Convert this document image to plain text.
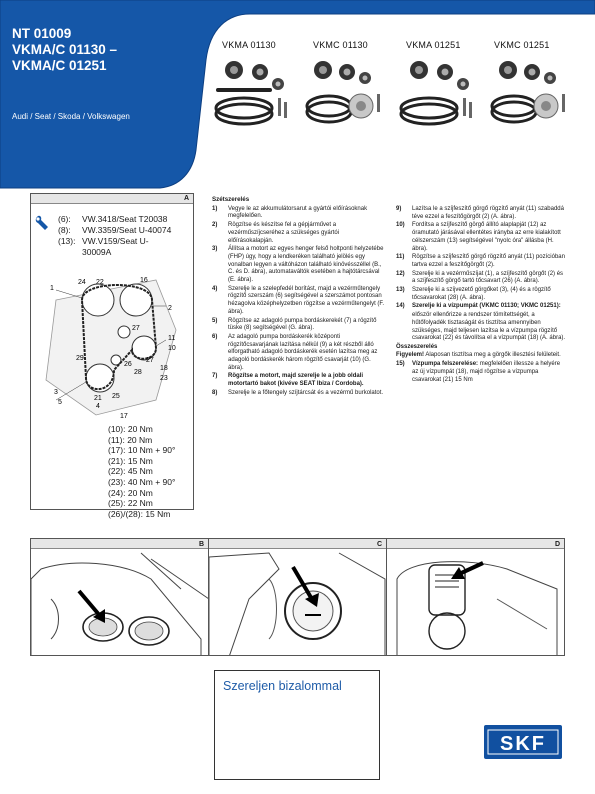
NT 01009
VKMA/C 01130 –
VKMA/C 01251
Audi / Seat / Skoda / Volkswagen
VKMA 01130	VKMC 01130	VKMA 01251	VKMC 01251
A
(6):	VW.3418/Seat T20038
(8):	VW.3359/Seat U-40074
(13): VW.V159/Seat U-
30009A
1
24 22	16
2
11
10
27
26
28
3
5
4
25
21
18
23
17
27
29
(10): 20 Nm
(11): 20 Nm
(17): 10 Nm + 90°
(21): 15 Nm
(22): 45 Nm
(23): 40 Nm + 90°
(24): 20 Nm
(25): 22 Nm
(26)/(28): 15 Nm
Szétszerelés
1)	Vegye le az akkumulátorsarut a gyártói előírásoknak megfelelően.
2)	Rögzítse és készítse fel a gépjárművet a vezérműszíjcseréhez a szükséges gyártói előírásokalapján.
3)	Állítsa a motort az egyes henger felső holtponti helyzetébe (FHP) úgy, hogy a lendkeréken található jelölés egy vonalban legyen a váltóházon található kinövésszéllel (B., C. és D. ábra), automataváltók esetében a hajtótárcsával (E. ábra).
4)	Szerelje le a szelepfedél borítást, majd a vezérműtengely rögzítő szerszám (6) segítségével a szerszámot pontosan hézagolva középhelyzetben rögzítse a vezérműtengelyt (F. ábra).
5)	Rögzítse az adagoló pumpa bordáskerekét (7) a rögzítő tüske (8) segítségével (G. ábra).
6)	Az adagoló pumpa bordáskerék középonti rögzítőcsavarjának lazítása nélkül (9) a két részből álló elforgatható adagoló bordáskerék esetén lazítsa meg az adagoló bordáskerék három rögzítő csavarját (10) (G. ábra).
7)	Rögzítse a motort, majd szerelje le a jobb oldali motortartó bakot (kivéve SEAT Ibiza / Cordoba).
8)	Szerelje le a főtengely szíjtárcsát és a vezérmű burkolatot.
9)	Lazítsa le a szíjfeszítő görgő rögzítő anyát (11) szabaddá téve ezzel a feszítőgörgőt (2) (A. ábra).
10)	Fordítsa a szíjfeszítő görgő állító alaplapját (12) az óramutató járásával ellentétes irányba az erre kialakított célszerszám (13) segítségével "nyolc óra" állásba (H. ábra).
11)	Rögzítse a szíjfeszítő görgő rögzítő anyát (11) pozícióban tartva ezzel a feszítőgörgőt (2).
12)	Szerelje ki a vezérműszíjat (1), a szíjfeszítő görgőt (2) és a szíjfeszítő görgő tartó tőcsavart (26) (A. ábra).
13)	Szerelje ki a szíjvezető görgőket (3), (4) és a rögzítő tőcsavarokat (28) (A. ábra).
14)	Szerelje ki a vízpumpát (VKMC 01130; VKMC 01251):
először ellenőrizze a rendszer tömítettségét, a hűtőfolyadék tisztaságát és tisztítsa amennyiben szükséges, majd teljesen lazítsa le a vízpumpa rögzítő csavarokat (22) és távolítsa el a vízpumpát (18) (A. ábra).
Összeszerelés
Figyelem! Alaposan tisztítsa meg a görgők illesztési felületeit.
15)	Vízpumpa felszerelése: megfelelően illessze a helyére az új vízpumpát (18), majd rögzítse a vízpumpa csavarokat (21) 15 Nm
B	C	D
Szereljen bizalommal
SKF
